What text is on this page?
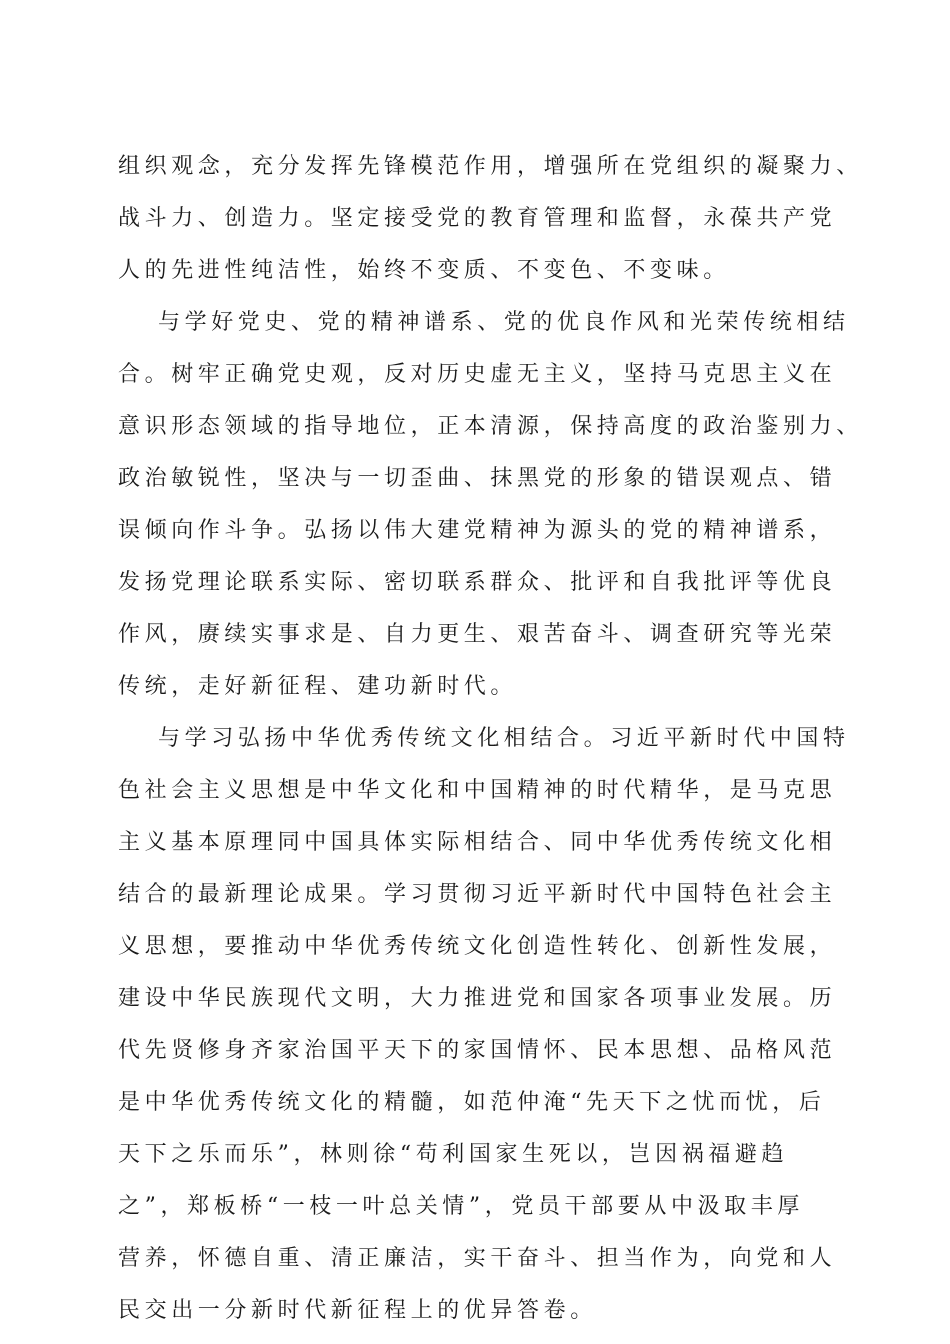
组织观念，充分发挥先锋模范作用，增强所在党组织的凝聚力、
战斗力、创造力。坚定接受党的教育管理和监督，永葆共产党
人的先进性纯洁性，始终不变质、不变色、不变味。
与学好党史、党的精神谱系、党的优良作风和光荣传统相结
合。树牢正确党史观，反对历史虚无主义，坚持马克思主义在
意识形态领域的指导地位，正本清源，保持高度的政治鉴别力、
政治敏锐性，坚决与一切歪曲、抹黑党的形象的错误观点、错
误倾向作斗争。弘扬以伟大建党精神为源头的党的精神谱系，
发扬党理论联系实际、密切联系群众、批评和自我批评等优良
作风，赓续实事求是、自力更生、艰苦奋斗、调查研究等光荣
传统，走好新征程、建功新时代。
与学习弘扬中华优秀传统文化相结合。习近平新时代中国特
色社会主义思想是中华文化和中国精神的时代精华，是马克思
主义基本原理同中国具体实际相结合、同中华优秀传统文化相
结合的最新理论成果。学习贯彻习近平新时代中国特色社会主
义思想，要推动中华优秀传统文化创造性转化、创新性发展，
建设中华民族现代文明，大力推进党和国家各项事业发展。历
代先贤修身齐家治国平天下的家国情怀、民本思想、品格风范
是中华优秀传统文化的精髓，如范仲淹“先天下之忧而忧，后
天下之乐而乐”，林则徐“苟利国家生死以，岂因祸福避趋
之”，郑板桥“一枝一叶总关情”，党员干部要从中汲取丰厚
营养，怀德自重、清正廉洁，实干奋斗、担当作为，向党和人
民交出一分新时代新征程上的优异答卷。
